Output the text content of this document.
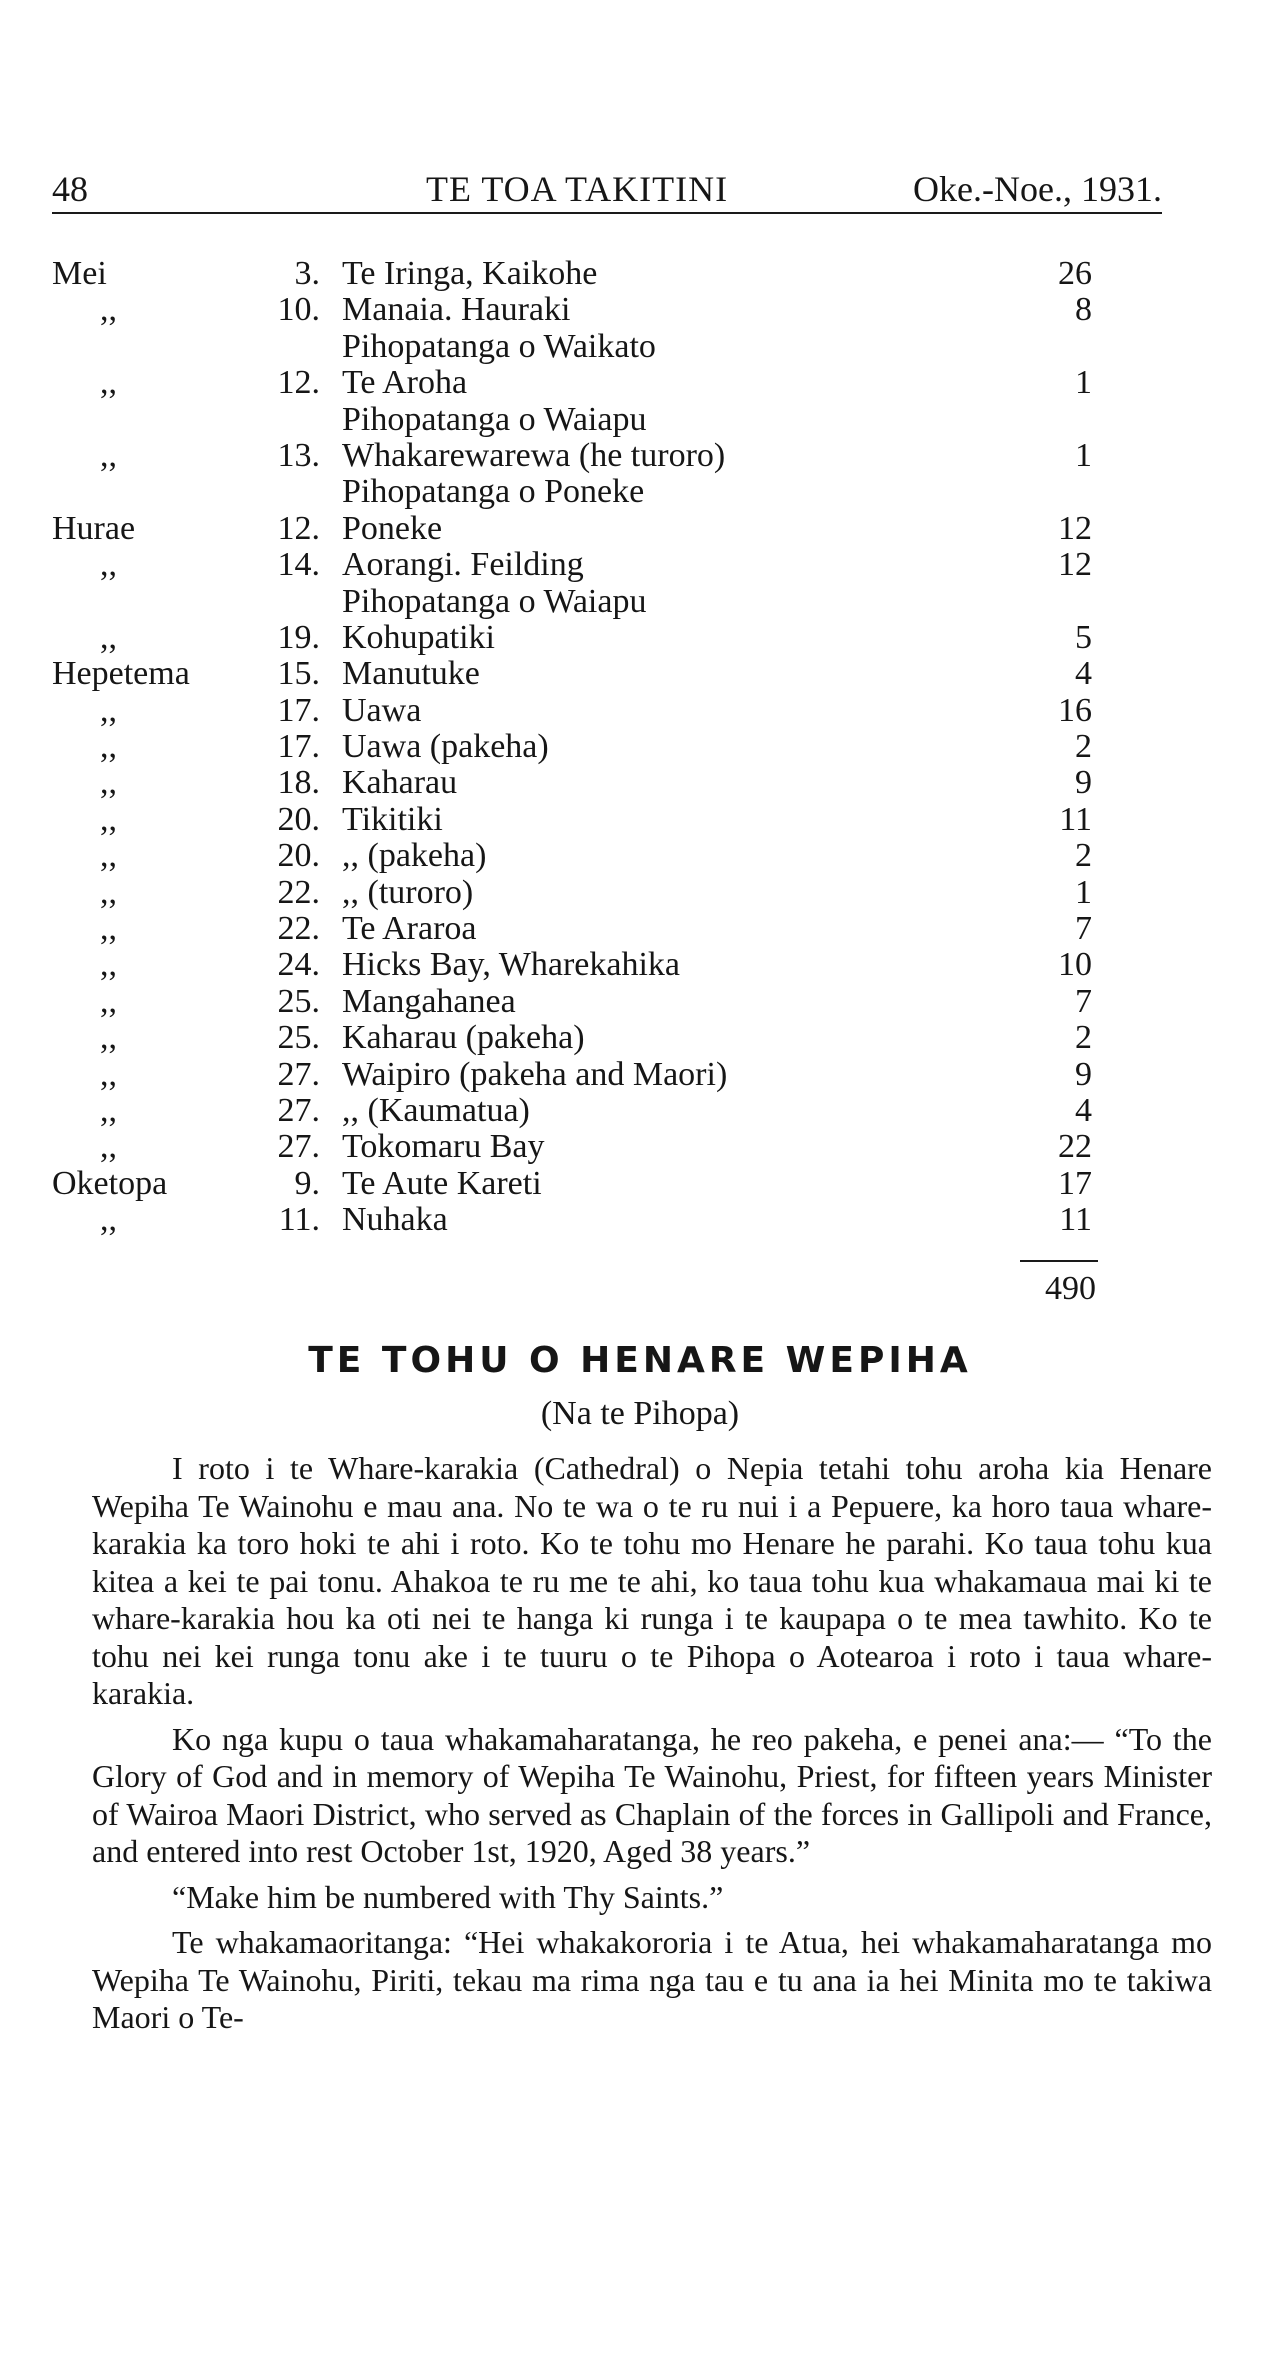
48	TE TOA TAKITINI	Oke.-Noe., 1931.
Mei	3. Te Iringa, Kaikohe	26
,,	10. Manaia. Hauraki	8
Pihopatanga o Waikato
,,	12. Te Aroha	1
Pihopatanga o Waiapu
,,	13. Whakarewarewa (he turoro)	1
Pihopatanga o Poneke
Hurae	12. Poneke	12
,,	14. Aorangi. Feilding	12
Pihopatanga o Waiapu
,,	19. Kohupatiki	5
Hepetema	15. Manutuke	4
,,	17. Uawa	16
,,	17. Uawa (pakeha)	2
,,	18. Kaharau	9
,,	20. Tikitiki	11
,,	20. ,, (pakeha)	2
,,	22. ,, (turoro)	1
,,	22. Te Araroa	7
,,	24. Hicks Bay, Wharekahika	10
,,	25. Mangahanea	7
,,	25. Kaharau (pakeha)	2
,,	27. Waipiro (pakeha and Maori)	9
,,	27. ,, (Kaumatua)	4
,,	27. Tokomaru Bay	22
Oketopa	9. Te Aute Kareti	17
,,	11. Nuhaka	11
490
TE TOHU O HENARE WEPIHA
(Na te Pihopa)

I roto i te Whare-karakia (Cathedral) o Nepia tetahi tohu aroha kia Henare Wepiha Te Wainohu e mau ana. No te wa o te ru nui i a Pepuere, ka horo taua whare-karakia ka toro hoki te ahi i roto. Ko te tohu mo Henare he parahi. Ko taua tohu kua kitea a kei te pai tonu. Ahakoa te ru me te ahi, ko taua tohu kua whakamaua mai ki te whare-karakia hou ka oti nei te hanga ki runga i te kaupapa o te mea tawhito. Ko te tohu nei kei runga tonu ake i te tuuru o te Pihopa o Aotearoa i roto i taua whare-karakia.

Ko nga kupu o taua whakamaharatanga, he reo pakeha, e penei ana:— “To the Glory of God and in memory of Wepiha Te Wainohu, Priest, for fifteen years Minister of Wairoa Maori District, who served as Chaplain of the forces in Gallipoli and France, and entered into rest October 1st, 1920, Aged 38 years.”

“Make him be numbered with Thy Saints.”

Te whakamaoritanga: “Hei whakakororia i te Atua, hei whakamaharatanga mo Wepiha Te Wainohu, Piriti, tekau ma rima nga tau e tu ana ia hei Minita mo te takiwa Maori o Te-
